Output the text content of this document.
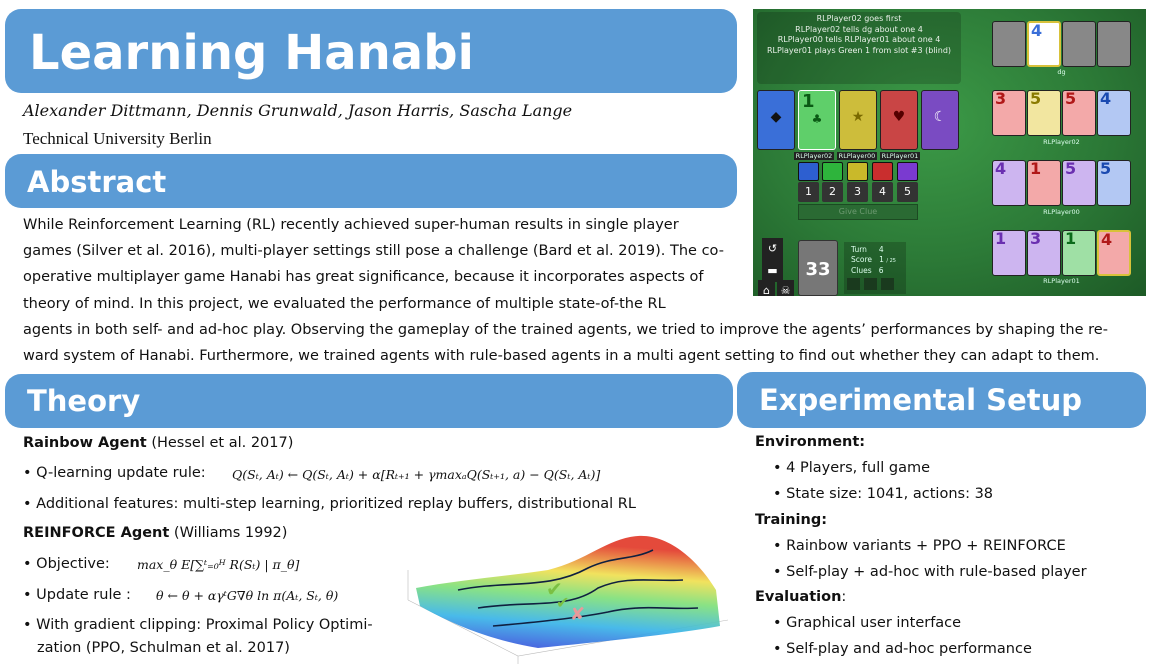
Learning Hanabi
Alexander Dittmann, Dennis Grunwald, Jason Harris, Sascha Lange
Technical University Berlin
Abstract
While Reinforcement Learning (RL) recently achieved super-human results in single player
games (Silver et al. 2016), multi-player settings still pose a challenge (Bard et al. 2019). The co-
operative multiplayer game Hanabi has great significance, because it incorporates aspects of
theory of mind. In this project, we evaluated the performance of multiple state-of-the RL
agents in both self- and ad-hoc play. Observing the gameplay of the trained agents, we tried to improve the agents’ performances by shaping the re-
ward system of Hanabi. Furthermore, we trained agents with rule-based agents in a multi agent setting to find out whether they can adapt to them.
Theory
Rainbow Agent (Hessel et al. 2017)
• Q-learning update rule: Q(Sₜ, Aₜ) ← Q(Sₜ, Aₜ) + α[Rₜ₊₁ + γmaxₐQ(Sₜ₊₁, a) − Q(Sₜ, Aₜ)]
• Additional features: multi-step learning, prioritized replay buffers, distributional RL
REINFORCE Agent (Williams 1992)
• Objective: max_θ E[∑ᵗ₌₀ᴴ R(Sₜ) | π_θ]
• Update rule : θ ← θ + αγᵗG∇θ ln π(Aₜ, Sₜ, θ)
• With gradient clipping: Proximal Policy Optimi-
zation (PPO, Schulman et al. 2017)
✔
✔
✘
Experimental Setup
Environment:
• 4 Players, full game
• State size: 1041, actions: 38
Training:
• Rainbow variants + PPO + REINFORCE
• Self-play + ad-hoc with rule-based player
Evaluation:
• Graphical user interface
• Self-play and ad-hoc performance
RLPlayer02 goes first
RLPlayer02 tells dg about one 4
RLPlayer00 tells RLPlayer01 about one 4
RLPlayer01 plays Green 1 from slot #3 (blind)
◆
1
♣	★	♥	☾
RLPlayer02 RLPlayer00 RLPlayer01
1	2	3	4	5
Give Clue
↺
▬
⌂ ☠
33
Turn 4
Score 1 / 25
Clues 6
4
dg
3	5	5	4
RLPlayer02
4	1	5	5
RLPlayer00
1	3	1	4
RLPlayer01
